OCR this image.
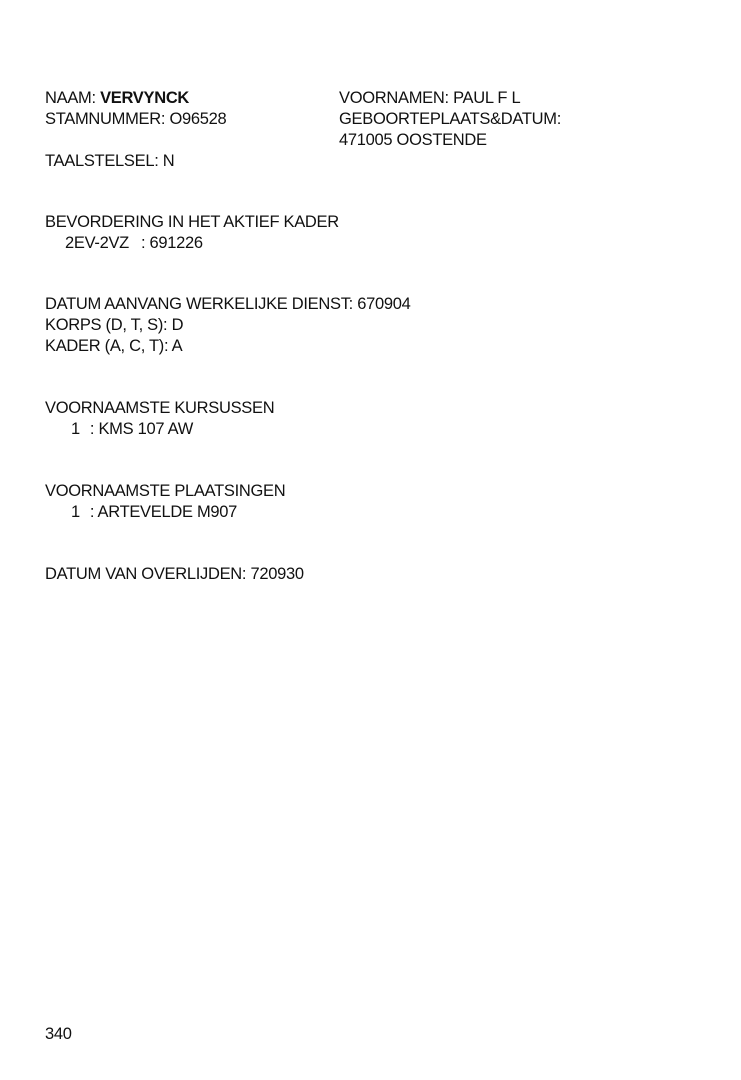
NAAM: VERVYNCK	VOORNAMEN: PAUL F L
STAMNUMMER: O96528	GEBOORTEPLAATS&DATUM:
471005 OOSTENDE
TAALSTELSEL: N
BEVORDERING IN HET AKTIEF KADER
2EV-2VZ : 691226
DATUM AANVANG WERKELIJKE DIENST: 670904
KORPS (D, T, S): D
KADER (A, C, T): A
VOORNAAMSTE KURSUSSEN
1 : KMS 107 AW
VOORNAAMSTE PLAATSINGEN
1 : ARTEVELDE M907
DATUM VAN OVERLIJDEN: 720930
340
